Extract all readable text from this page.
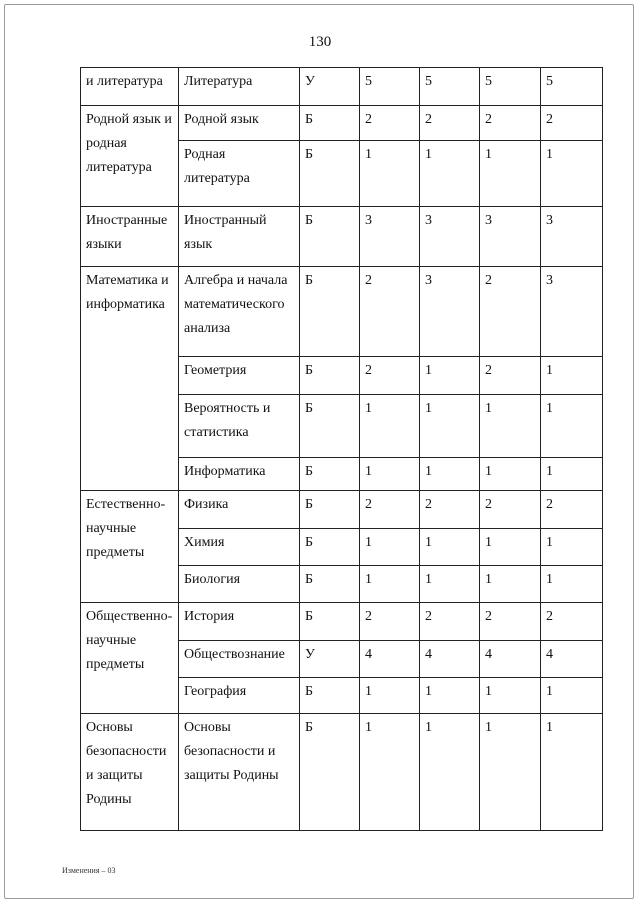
130
и литература	Литература	У	5	5	5	5
Родной язык и родная литература	Родной язык	Б	2	2	2	2
	Родная литература	Б	1	1	1	1
Иностранные языки	Иностранный язык	Б	3	3	3	3
Математика и информатика	Алгебра и начала математического анализа	Б	2	3	2	3
	Геометрия	Б	2	1	2	1
	Вероятность и статистика	Б	1	1	1	1
	Информатика	Б	1	1	1	1
Естественно-научные предметы	Физика	Б	2	2	2	2
	Химия	Б	1	1	1	1
	Биология	Б	1	1	1	1
Общественно-научные предметы	История	Б	2	2	2	2
	Обществознание	У	4	4	4	4
	География	Б	1	1	1	1
Основы безопасности и защиты Родины	Основы безопасности и защиты Родины	Б	1	1	1	1
Изменения – 03
